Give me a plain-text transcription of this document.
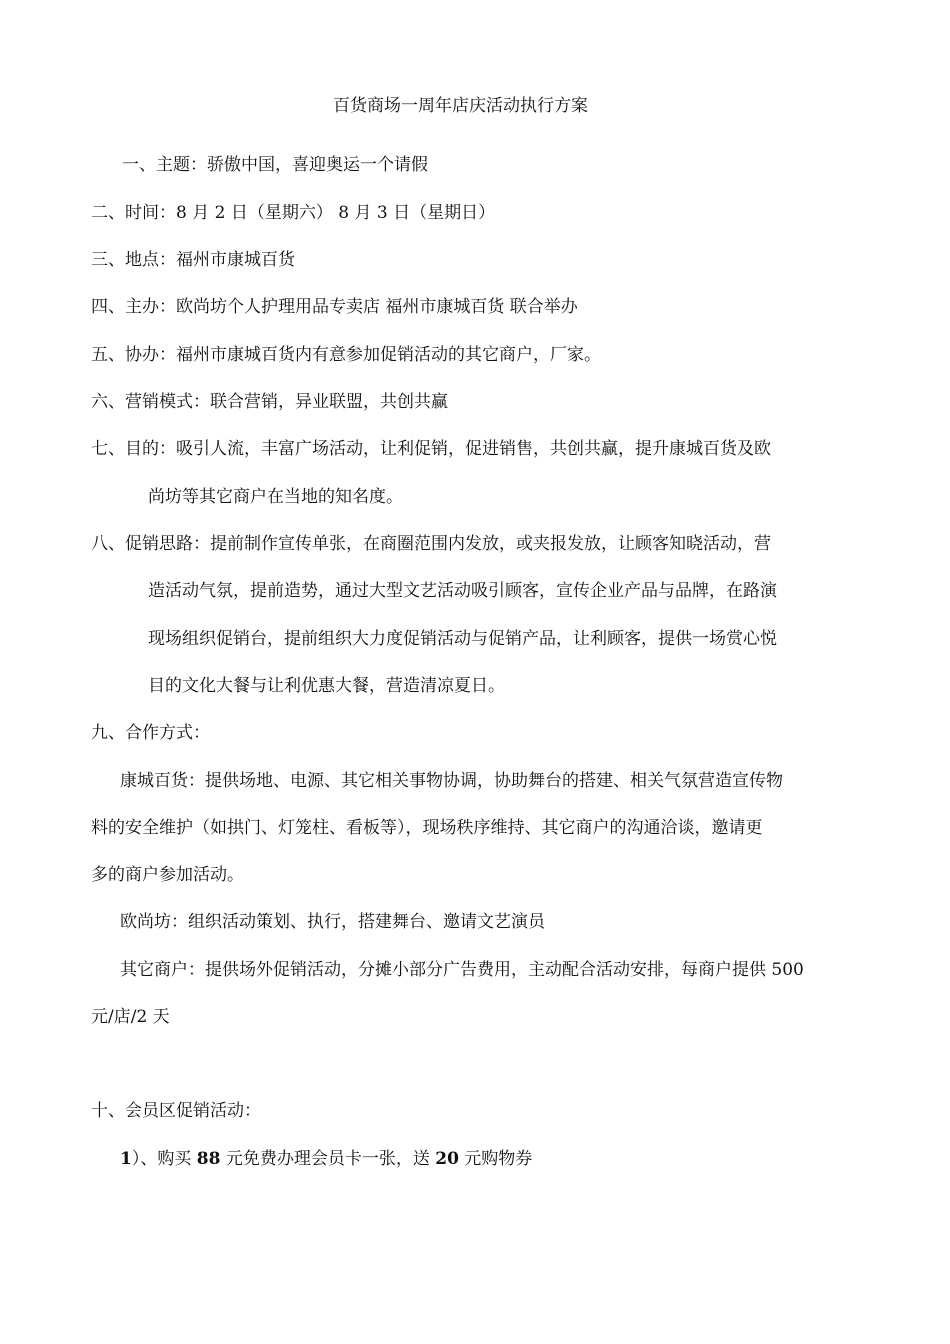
百货商场一周年店庆活动执行方案
一、主题：骄傲中国，喜迎奥运一个请假
二、时间：8 月 2 日（星期六） 8 月 3 日（星期日）
三、地点：福州市康城百货
四、主办：欧尚坊个人护理用品专卖店 福州市康城百货 联合举办
五、协办：福州市康城百货内有意参加促销活动的其它商户，厂家。
六、营销模式：联合营销，异业联盟，共创共赢
七、目的：吸引人流，丰富广场活动，让利促销，促进销售，共创共赢，提升康城百货及欧
尚坊等其它商户在当地的知名度。
八、促销思路：提前制作宣传单张，在商圈范围内发放，或夹报发放，让顾客知晓活动，营
造活动气氛，提前造势，通过大型文艺活动吸引顾客，宣传企业产品与品牌，在路演
现场组织促销台，提前组织大力度促销活动与促销产品，让利顾客，提供一场赏心悦
目的文化大餐与让利优惠大餐，营造清凉夏日。
九、合作方式：
康城百货：提供场地、电源、其它相关事物协调，协助舞台的搭建、相关气氛营造宣传物
料的安全维护（如拱门、灯笼柱、看板等），现场秩序维持、其它商户的沟通洽谈，邀请更
多的商户参加活动。
欧尚坊：组织活动策划、执行，搭建舞台、邀请文艺演员
其它商户：提供场外促销活动，分摊小部分广告费用，主动配合活动安排，每商户提供 500
元/店/2 天
十、会员区促销活动：
1）、购买 88 元免费办理会员卡一张，送 20 元购物券
